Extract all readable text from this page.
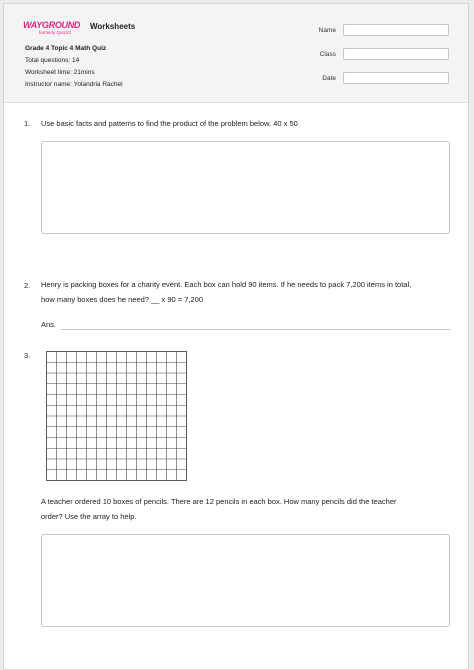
WAYGROUND
formerly Quizizz
Worksheets
Grade 4 Topic 4 Math Quiz
Total questions: 14
Worksheet time: 21mins
Instructor name: Yolandria Rachel
Name
Class
Date
1. Use basic facts and patterns to find the product of the problem below. 40 x 50
2. Henry is packing boxes for a charity event. Each box can hold 90 items. If he needs to pack 7,200 items in total,
how many boxes does he need? __ x 90 = 7,200
Ans.
3.
A teacher ordered 10 boxes of pencils. There are 12 pencils in each box. How many pencils did the teacher
order? Use the array to help.
